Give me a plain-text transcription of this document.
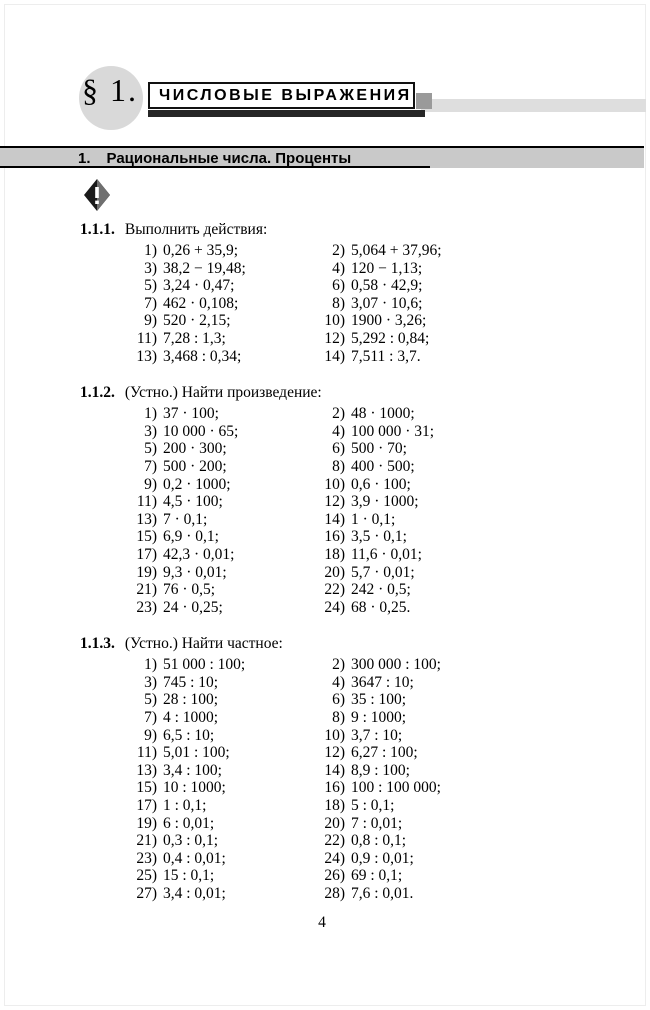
§ 1. ЧИСЛОВЫЕ ВЫРАЖЕНИЯ
1. Рациональные числа. Проценты
1.1.1. Выполнить действия:
1) 0,26 + 35,9;	2) 5,064 + 37,96;
3) 38,2 − 19,48;	4) 120 − 1,13;
5) 3,24 · 0,47;	6) 0,58 · 42,9;
7) 462 · 0,108;	8) 3,07 · 10,6;
9) 520 · 2,15;	10) 1900 · 3,26;
11) 7,28 : 1,3;	12) 5,292 : 0,84;
13) 3,468 : 0,34;	14) 7,511 : 3,7.
1.1.2. (Устно.) Найти произведение:
1) 37 · 100;	2) 48 · 1000;
3) 10 000 · 65;	4) 100 000 · 31;
5) 200 · 300;	6) 500 · 70;
7) 500 · 200;	8) 400 · 500;
9) 0,2 · 1000;	10) 0,6 · 100;
11) 4,5 · 100;	12) 3,9 · 1000;
13) 7 · 0,1;	14) 1 · 0,1;
15) 6,9 · 0,1;	16) 3,5 · 0,1;
17) 42,3 · 0,01;	18) 11,6 · 0,01;
19) 9,3 · 0,01;	20) 5,7 · 0,01;
21) 76 · 0,5;	22) 242 · 0,5;
23) 24 · 0,25;	24) 68 · 0,25.
1.1.3. (Устно.) Найти частное:
1) 51 000 : 100;	2) 300 000 : 100;
3) 745 : 10;	4) 3647 : 10;
5) 28 : 100;	6) 35 : 100;
7) 4 : 1000;	8) 9 : 1000;
9) 6,5 : 10;	10) 3,7 : 10;
11) 5,01 : 100;	12) 6,27 : 100;
13) 3,4 : 100;	14) 8,9 : 100;
15) 10 : 1000;	16) 100 : 100 000;
17) 1 : 0,1;	18) 5 : 0,1;
19) 6 : 0,01;	20) 7 : 0,01;
21) 0,3 : 0,1;	22) 0,8 : 0,1;
23) 0,4 : 0,01;	24) 0,9 : 0,01;
25) 15 : 0,1;	26) 69 : 0,1;
27) 3,4 : 0,01;	28) 7,6 : 0,01.
4
